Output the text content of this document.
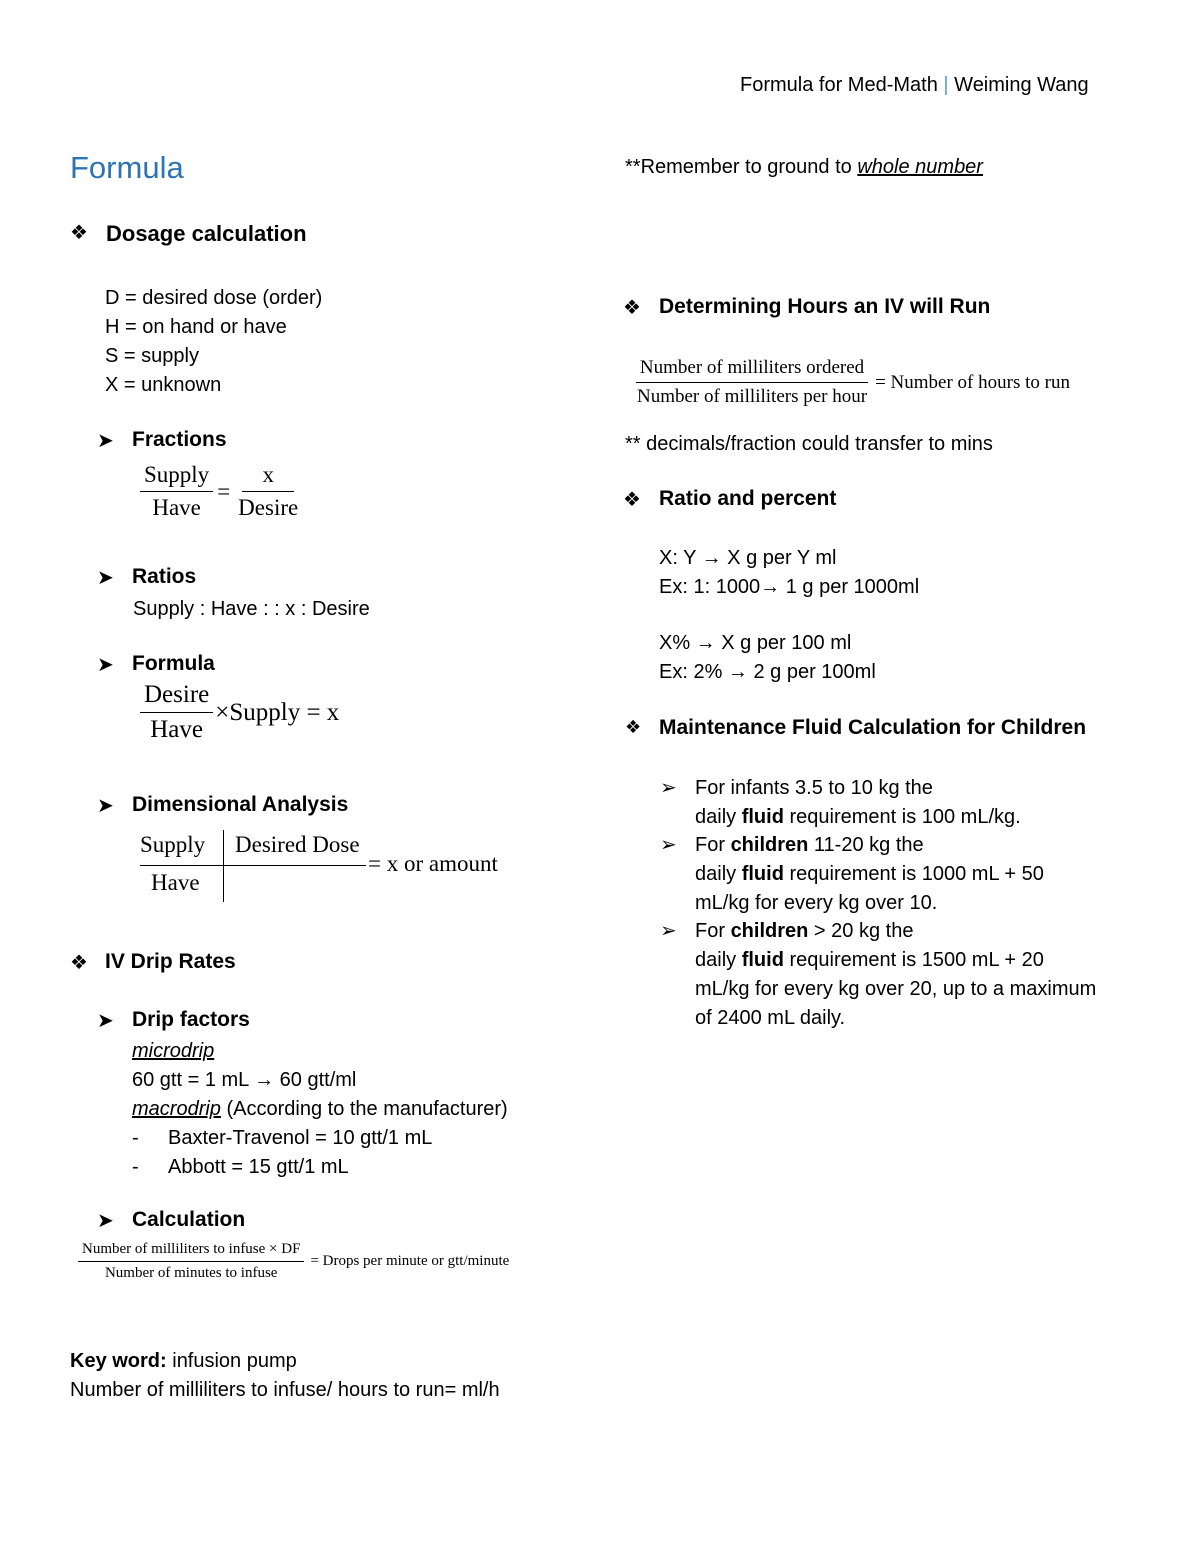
Formula for Med-Math | Weiming Wang
Formula
❖ Dosage calculation
D = desired dose (order)
H = on hand or have
S = supply
X = unknown
➤ Fractions
$\frac{\text{Supply}}{\text{Have}} = \frac{x}{\text{Desire}}$
➤ Ratios
Supply : Have : : x : Desire
➤ Formula
$\frac{\text{Desire}}{\text{Have}}$ ×Supply = x
➤ Dimensional Analysis
Supply
Have
Desired Dose
= x or amount
❖ IV Drip Rates
➤ Drip factors
microdrip
60 gtt = 1 mL → 60 gtt/ml
macrodrip (According to the manufacturer)
- Baxter-Travenol = 10 gtt/1 mL
- Abbott = 15 gtt/1 mL
➤ Calculation
$\frac{\text{Number of milliliters to infuse × DF}}{\text{Number of minutes to infuse}}$ = Drops per minute or gtt/minute
Key word: infusion pump
Number of milliliters to infuse/ hours to run= ml/h
**Remember to ground to whole number
❖ Determining Hours an IV will Run
$\frac{\text{Number of milliliters ordered}}{\text{Number of milliliters per hour}}$ = Number of hours to run
** decimals/fraction could transfer to mins
❖ Ratio and percent
X: Y → X g per Y ml
Ex: 1: 1000→ 1 g per 1000ml
X% → X g per 100 ml
Ex: 2% → 2 g per 100ml
❖ Maintenance Fluid Calculation for Children
➢ For infants 3.5 to 10 kg the
daily fluid requirement is 100 mL/kg.
➢ For children 11-20 kg the
daily fluid requirement is 1000 mL + 50
mL/kg for every kg over 10.
➢ For children > 20 kg the
daily fluid requirement is 1500 mL + 20
mL/kg for every kg over 20, up to a maximum
of 2400 mL daily.
